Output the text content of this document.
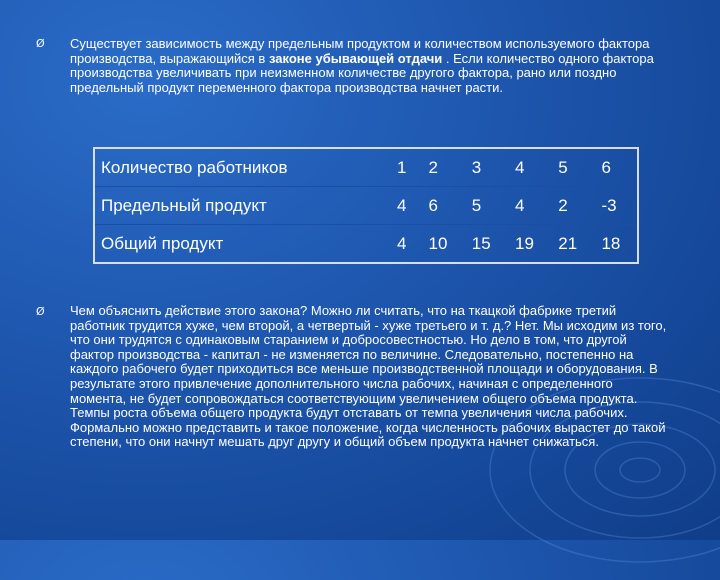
Ø Существует зависимость между предельным продуктом и количеством используемого фактора производства, выражающийся в законе убывающей отдачи . Если количество одного фактора производства увеличивать при неизменном количестве другого фактора, рано или поздно предельный продукт переменного фактора производства начнет расти.
Количество работников	1	2	3	4	5	6
Предельный продукт	4	6	5	4	2	-3
Общий продукт	4	10	15	19	21	18
Ø Чем объяснить действие этого закона? Можно ли считать, что на ткацкой фабрике третий работник трудится хуже, чем второй, а четвертый - хуже третьего и т. д.? Нет. Мы исходим из того, что они трудятся с одинаковым старанием и добросовестностью. Но дело в том, что другой фактор производства - капитал - не изменяется по величине. Следовательно, постепенно на каждого рабочего будет приходиться все меньше производственной площади и оборудования. В результате этого привлечение дополнительного числа рабочих, начиная с определенного момента, не будет сопровождаться соответствующим увеличением общего объема продукта. Темпы роста объема общего продукта будут отставать от темпа увеличения числа рабочих. Формально можно представить и такое положение, когда численность рабочих вырастет до такой степени, что они начнут мешать друг другу и общий объем продукта начнет снижаться.
